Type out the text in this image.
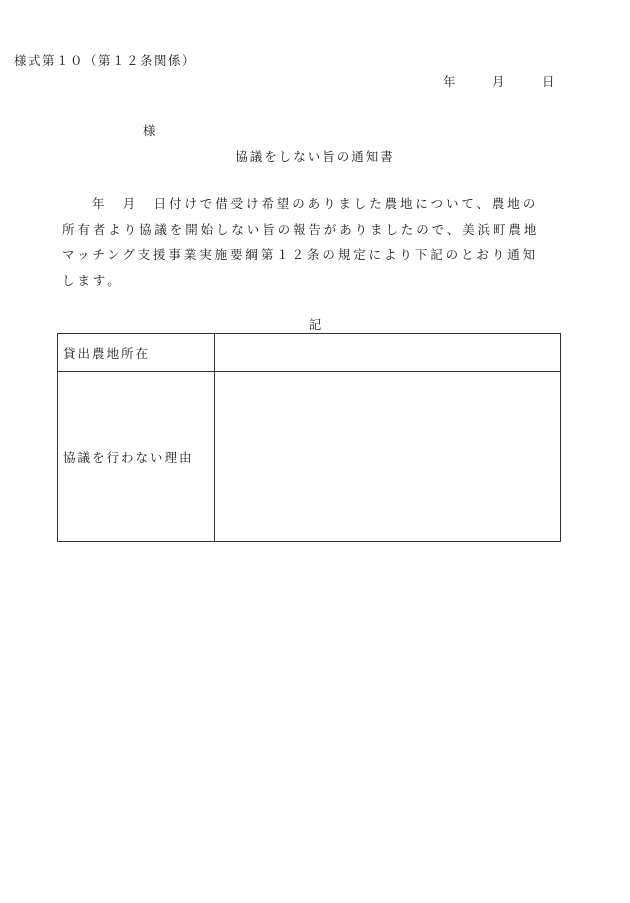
様式第１０（第１２条関係）
年	月	日
様
協議をしない旨の通知書
年　月　日付けで借受け希望のありました農地について、農地の
所有者より協議を開始しない旨の報告がありましたので、美浜町農地
マッチング支援事業実施要綱第１２条の規定により下記のとおり通知
します。
記
貸出農地所在	
協議を行わない理由	
